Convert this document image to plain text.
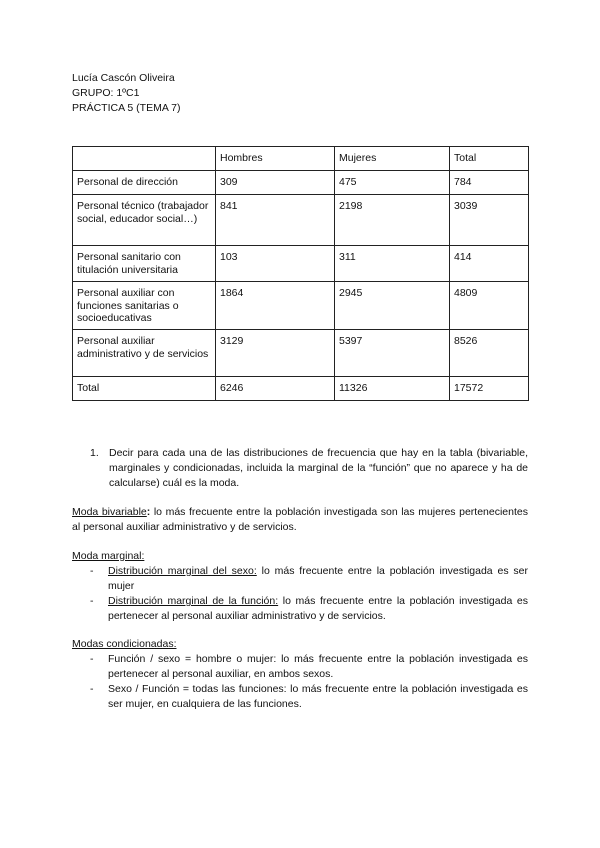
Lucía Cascón Oliveira
GRUPO: 1ºC1
PRÁCTICA 5 (TEMA 7)
	Hombres	Mujeres	Total
Personal de dirección	309	475	784
Personal técnico (trabajador social, educador social…)	841	2198	3039
Personal sanitario con titulación universitaria	103	311	414
Personal auxiliar con funciones sanitarias o socioeducativas	1864	2945	4809
Personal auxiliar administrativo y de servicios	3129	5397	8526
Total	6246	11326	17572
1. Decir para cada una de las distribuciones de frecuencia que hay en la tabla (bivariable, marginales y condicionadas, incluida la marginal de la “función” que no aparece y ha de calcularse) cuál es la moda.
Moda bivariable: lo más frecuente entre la población investigada son las mujeres pertenecientes al personal auxiliar administrativo y de servicios.
Moda marginal:
-	Distribución marginal del sexo: lo más frecuente entre la población investigada es ser mujer
-	Distribución marginal de la función: lo más frecuente entre la población investigada es pertenecer al personal auxiliar administrativo y de servicios.
Modas condicionadas:
-	Función / sexo = hombre o mujer: lo más frecuente entre la población investigada es pertenecer al personal auxiliar, en ambos sexos.
-	Sexo / Función = todas las funciones: lo más frecuente entre la población investigada es ser mujer, en cualquiera de las funciones.
